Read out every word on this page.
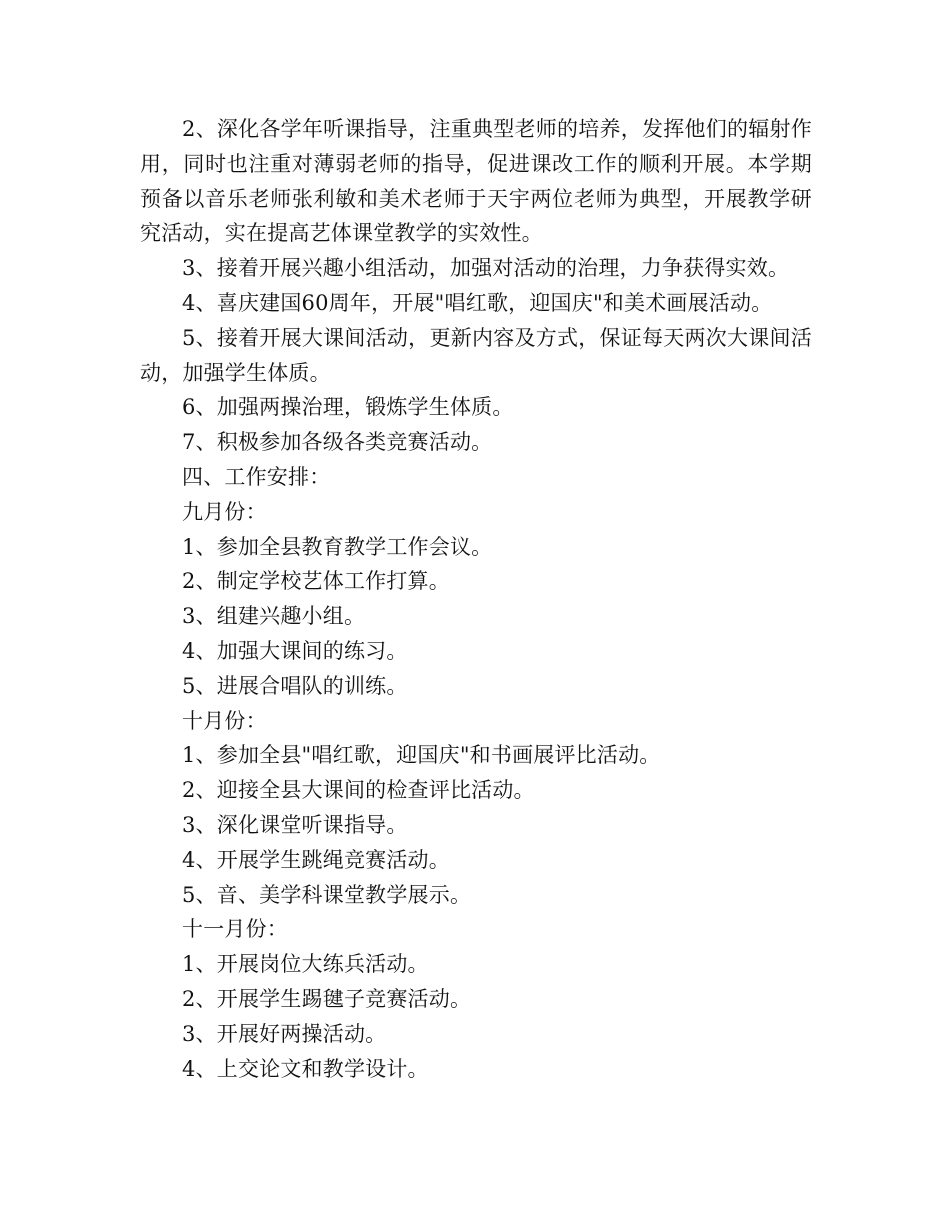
2、深化各学年听课指导，注重典型老师的培养，发挥他们的辐射作用，同时也注重对薄弱老师的指导，促进课改工作的顺利开展。本学期预备以音乐老师张利敏和美术老师于天宇两位老师为典型，开展教学研究活动，实在提高艺体课堂教学的实效性。

3、接着开展兴趣小组活动，加强对活动的治理，力争获得实效。

4、喜庆建国60周年，开展"唱红歌，迎国庆"和美术画展活动。

5、接着开展大课间活动，更新内容及方式，保证每天两次大课间活动，加强学生体质。

6、加强两操治理，锻炼学生体质。

7、积极参加各级各类竞赛活动。

四、工作安排：

九月份：

1、参加全县教育教学工作会议。

2、制定学校艺体工作打算。

3、组建兴趣小组。

4、加强大课间的练习。

5、进展合唱队的训练。

十月份：

1、参加全县"唱红歌，迎国庆"和书画展评比活动。

2、迎接全县大课间的检查评比活动。

3、深化课堂听课指导。

4、开展学生跳绳竞赛活动。

5、音、美学科课堂教学展示。

十一月份：

1、开展岗位大练兵活动。

2、开展学生踢毽子竞赛活动。

3、开展好两操活动。

4、上交论文和教学设计。
